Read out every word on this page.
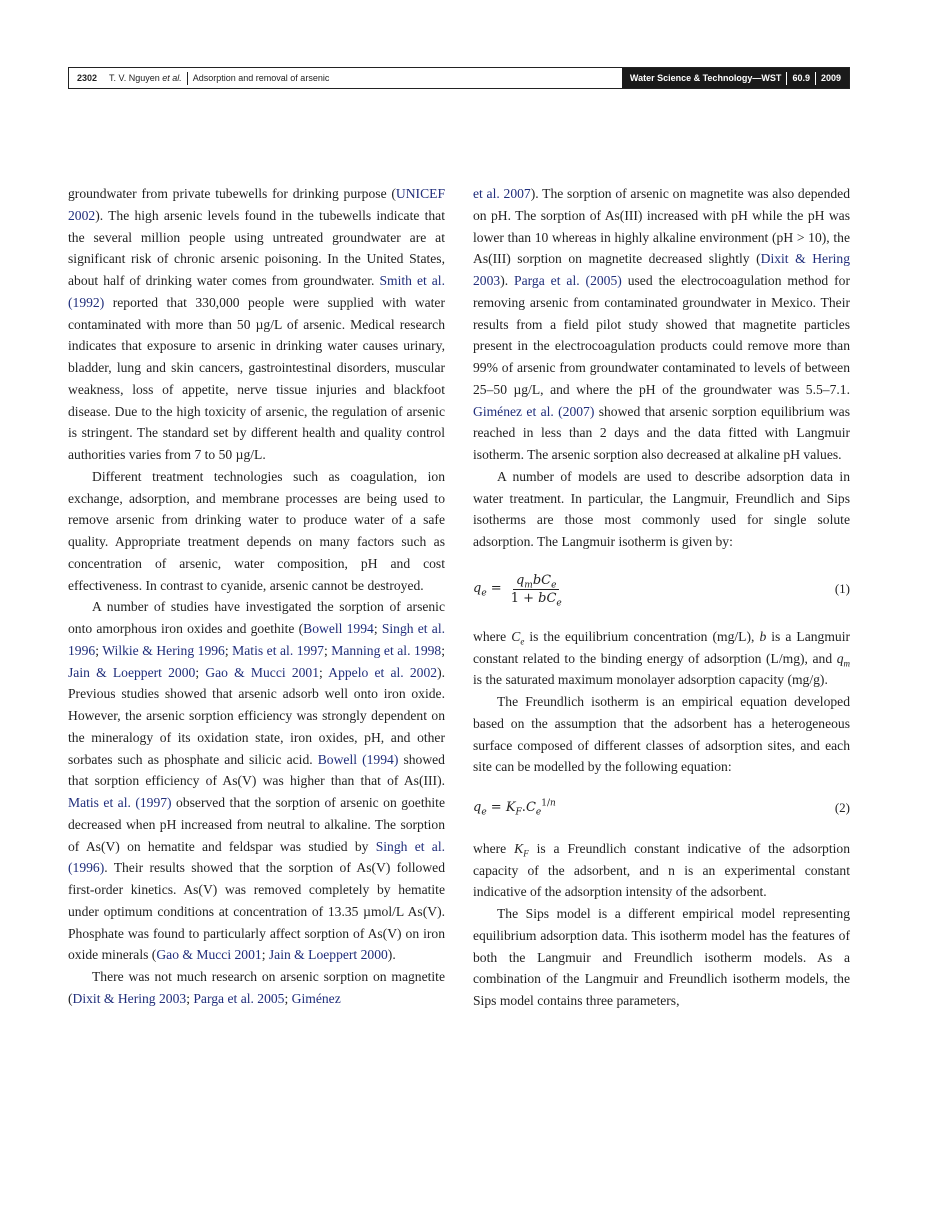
2302 T. V. Nguyen et al. Adsorption and removal of arsenic	Water Science & Technology—WST 60.9 2009

groundwater from private tubewells for drinking purpose (UNICEF 2002). The high arsenic levels found in the tubewells indicate that the several million people using untreated groundwater are at significant risk of chronic arsenic poisoning. In the United States, about half of drinking water comes from groundwater. Smith et al. (1992) reported that 330,000 people were supplied with water contaminated with more than 50 µg/L of arsenic. Medical research indicates that exposure to arsenic in drinking water causes urinary, bladder, lung and skin cancers, gastrointestinal disorders, muscular weakness, loss of appetite, nerve tissue injuries and blackfoot disease. Due to the high toxicity of arsenic, the regulation of arsenic is stringent. The standard set by different health and quality control authorities varies from 7 to 50 µg/L.

Different treatment technologies such as coagulation, ion exchange, adsorption, and membrane processes are being used to remove arsenic from drinking water to produce water of a safe quality. Appropriate treatment depends on many factors such as concentration of arsenic, water composition, pH and cost effectiveness. In contrast to cyanide, arsenic cannot be destroyed.

A number of studies have investigated the sorption of arsenic onto amorphous iron oxides and goethite (Bowell 1994; Singh et al. 1996; Wilkie & Hering 1996; Matis et al. 1997; Manning et al. 1998; Jain & Loeppert 2000; Gao & Mucci 2001; Appelo et al. 2002). Previous studies showed that arsenic adsorb well onto iron oxide. However, the arsenic sorption efficiency was strongly dependent on the mineralogy of its oxidation state, iron oxides, pH, and other sorbates such as phosphate and silicic acid. Bowell (1994) showed that sorption efficiency of As(V) was higher than that of As(III). Matis et al. (1997) observed that the sorption of arsenic on goethite decreased when pH increased from neutral to alkaline. The sorption of As(V) on hematite and feldspar was studied by Singh et al. (1996). Their results showed that the sorption of As(V) followed first-order kinetics. As(V) was removed completely by hematite under optimum conditions at concentration of 13.35 µmol/L As(V). Phosphate was found to particularly affect sorption of As(V) on iron oxide minerals (Gao & Mucci 2001; Jain & Loeppert 2000).

There was not much research on arsenic sorption on magnetite (Dixit & Hering 2003; Parga et al. 2005; Giménez

et al. 2007). The sorption of arsenic on magnetite was also depended on pH. The sorption of As(III) increased with pH while the pH was lower than 10 whereas in highly alkaline environment (pH > 10), the As(III) sorption on magnetite decreased slightly (Dixit & Hering 2003). Parga et al. (2005) used the electrocoagulation method for removing arsenic from contaminated groundwater in Mexico. Their results from a field pilot study showed that magnetite particles present in the electrocoagulation products could remove more than 99% of arsenic from groundwater contaminated to levels of between 25–50 µg/L, and where the pH of the groundwater was 5.5–7.1. Giménez et al. (2007) showed that arsenic sorption equilibrium was reached in less than 2 days and the data fitted with Langmuir isotherm. The arsenic sorption also decreased at alkaline pH values.

A number of models are used to describe adsorption data in water treatment. In particular, the Langmuir, Freundlich and Sips isotherms are those most commonly used for single solute adsorption. The Langmuir isotherm is given by:

$q_e = \frac{q_mbC_e}{1 + bC_e}$	(1)

where $C_e$ is the equilibrium concentration (mg/L), b is a Langmuir constant related to the binding energy of adsorption (L/mg), and $q_m$ is the saturated maximum monolayer adsorption capacity (mg/g).

The Freundlich isotherm is an empirical equation developed based on the assumption that the adsorbent has a heterogeneous surface composed of different classes of adsorption sites, and each site can be modelled by the following equation:

$q_e = K_F.C_e^{1/n}$	(2)

where $K_F$ is a Freundlich constant indicative of the adsorption capacity of the adsorbent, and n is an experimental constant indicative of the adsorption intensity of the adsorbent.

The Sips model is a different empirical model representing equilibrium adsorption data. This isotherm model has the features of both the Langmuir and Freundlich isotherm models. As a combination of the Langmuir and Freundlich isotherm models, the Sips model contains three parameters,
